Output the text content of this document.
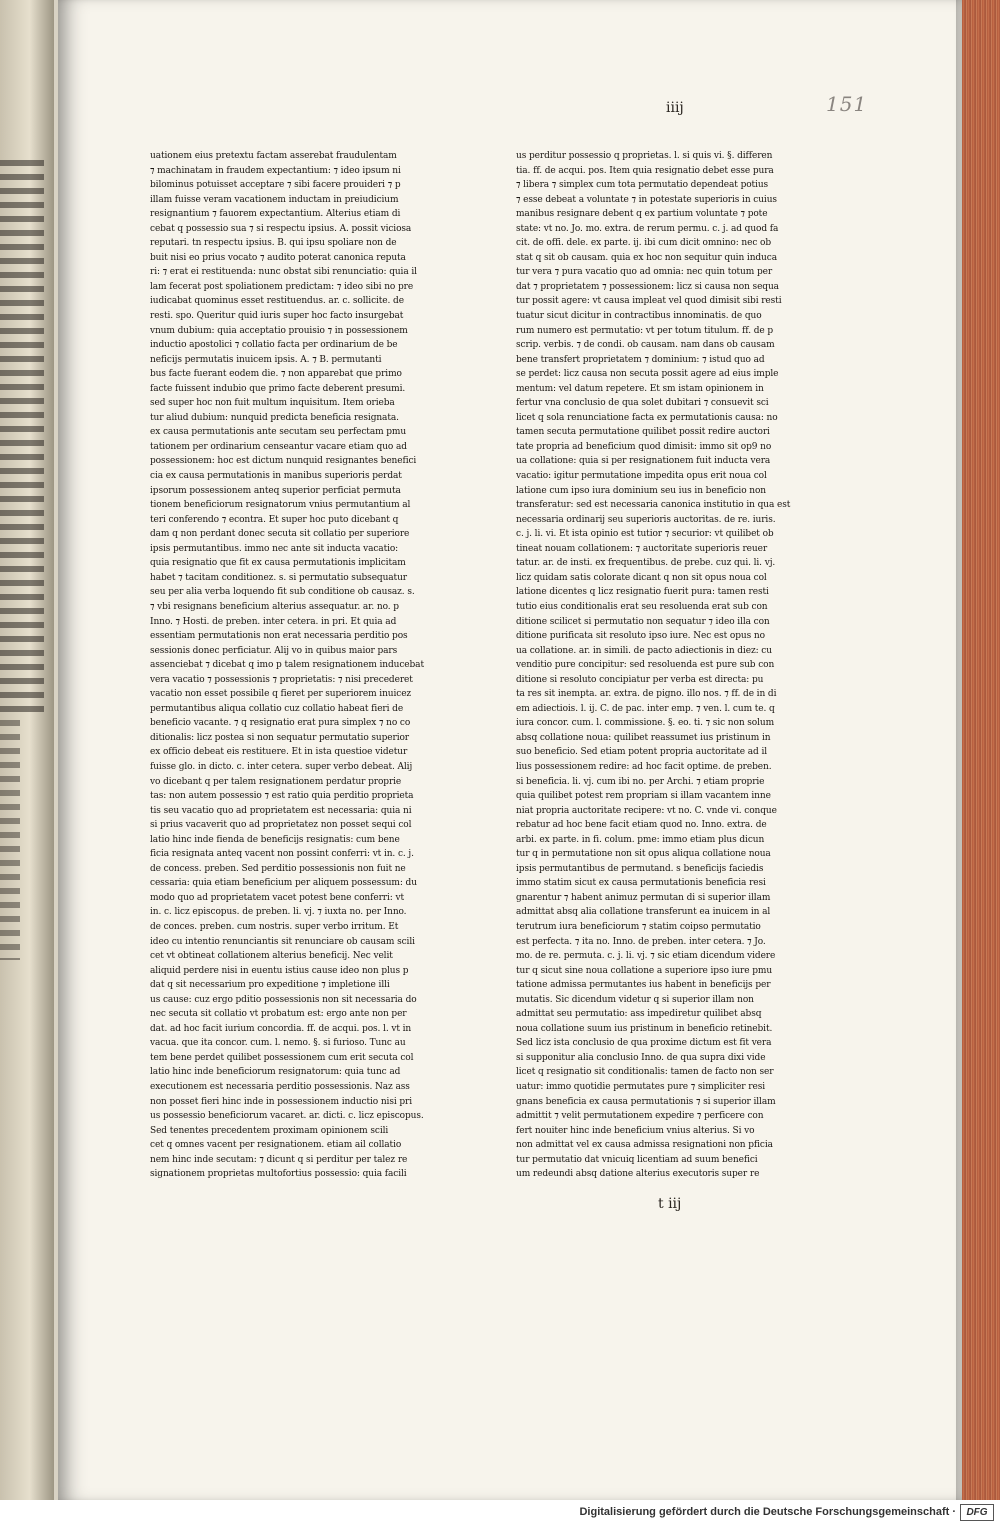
uationem eius pretextu factam asserebat fraudulentam
⁊ machinatam in fraudem expectantium: ⁊ ideo ipsum ni
bilominus potuisset acceptare ⁊ sibi facere prouideri ⁊ p
illam fuisse veram vacationem inductam in preiudicium
resignantium ⁊ fauorem expectantium. Alterius etiam di
cebat q possessio sua ⁊ si respectu ipsius. A. possit viciosa
reputari. tn respectu ipsius. B. qui ipsu spoliare non de
buit nisi eo prius vocato ⁊ audito poterat canonica reputa
ri: ⁊ erat ei restituenda: nunc obstat sibi renunciatio: quia il
lam fecerat post spoliationem predictam: ⁊ ideo sibi no pre
iudicabat quominus esset restituendus. ar. c. sollicite. de
resti. spo. Queritur quid iuris super hoc facto insurgebat
vnum dubium: quia acceptatio prouisio ⁊ in possessionem
inductio apostolici ⁊ collatio facta per ordinarium de be
neficijs permutatis inuicem ipsis. A. ⁊ B. permutanti
bus facte fuerant eodem die. ⁊ non apparebat que primo
facte fuissent indubio que primo facte deberent presumi.
sed super hoc non fuit multum inquisitum. Item orieba
tur aliud dubium: nunquid predicta beneficia resignata.
ex causa permutationis ante secutam seu perfectam pmu
tationem per ordinarium censeantur vacare etiam quo ad
possessionem: hoc est dictum nunquid resignantes benefici
cia ex causa permutationis in manibus superioris perdat
ipsorum possessionem anteq superior perficiat permuta
tionem beneficiorum resignatorum vnius permutantium al
teri conferendo ⁊ econtra. Et super hoc puto dicebant q
dam q non perdant donec secuta sit collatio per superiore
ipsis permutantibus. immo nec ante sit inducta vacatio:
quia resignatio que fit ex causa permutationis implicitam
habet ⁊ tacitam conditionez. s. si permutatio subsequatur
seu per alia verba loquendo fit sub conditione ob causaz. s.
⁊ vbi resignans beneficium alterius assequatur. ar. no. p
Inno. ⁊ Hosti. de preben. inter cetera. in pri. Et quia ad
essentiam permutationis non erat necessaria perditio pos
sessionis donec perficiatur. Alij vo in quibus maior pars
assenciebat ⁊ dicebat q imo p talem resignationem inducebat
vera vacatio ⁊ possessionis ⁊ proprietatis: ⁊ nisi precederet
vacatio non esset possibile q fieret per superiorem inuicez
permutantibus aliqua collatio cuz collatio habeat fieri de
beneficio vacante. ⁊ q resignatio erat pura simplex ⁊ no co
ditionalis: licz postea si non sequatur permutatio superior
ex officio debeat eis restituere. Et in ista questioe videtur
fuisse glo. in dicto. c. inter cetera. super verbo debeat. Alij
vo dicebant q per talem resignationem perdatur proprie
tas: non autem possessio ⁊ est ratio quia perditio proprieta
tis seu vacatio quo ad proprietatem est necessaria: quia ni
si prius vacaverit quo ad proprietatez non posset sequi col
latio hinc inde fienda de beneficijs resignatis: cum bene
ficia resignata anteq vacent non possint conferri: vt in. c. j.
de concess. preben. Sed perditio possessionis non fuit ne
cessaria: quia etiam beneficium per aliquem possessum: du
modo quo ad proprietatem vacet potest bene conferri: vt
in. c. licz episcopus. de preben. li. vj. ⁊ iuxta no. per Inno.
de conces. preben. cum nostris. super verbo irritum. Et
ideo cu intentio renunciantis sit renunciare ob causam scili
cet vt obtineat collationem alterius beneficij. Nec velit
aliquid perdere nisi in euentu istius cause ideo non plus p
dat q sit necessarium pro expeditione ⁊ impletione illi
us cause: cuz ergo pditio possessionis non sit necessaria do
nec secuta sit collatio vt probatum est: ergo ante non per
dat. ad hoc facit iurium concordia. ff. de acqui. pos. l. vt in
vacua. que ita concor. cum. l. nemo. §. si furioso. Tunc au
tem bene perdet quilibet possessionem cum erit secuta col
latio hinc inde beneficiorum resignatorum: quia tunc ad
executionem est necessaria perditio possessionis. Naz ass
non posset fieri hinc inde in possessionem inductio nisi pri
us possessio beneficiorum vacaret. ar. dicti. c. licz episcopus.
Sed tenentes precedentem proximam opinionem scili
cet q omnes vacent per resignationem. etiam ail collatio
nem hinc inde secutam: ⁊ dicunt q si perditur per talez re
signationem proprietas multofortius possessio: quia facili
us perditur possessio q proprietas. l. si quis vi. §. differen
tia. ff. de acqui. pos. Item quia resignatio debet esse pura
⁊ libera ⁊ simplex cum tota permutatio dependeat potius
⁊ esse debeat a voluntate ⁊ in potestate superioris in cuius
manibus resignare debent q ex partium voluntate ⁊ pote
state: vt no. Jo. mo. extra. de rerum permu. c. j. ad quod fa
cit. de offi. dele. ex parte. ij. ibi cum dicit omnino: nec ob
stat q sit ob causam. quia ex hoc non sequitur quin induca
tur vera ⁊ pura vacatio quo ad omnia: nec quin totum per
dat ⁊ proprietatem ⁊ possessionem: licz si causa non sequa
tur possit agere: vt causa impleat vel quod dimisit sibi resti
tuatur sicut dicitur in contractibus innominatis. de quo
rum numero est permutatio: vt per totum titulum. ff. de p
scrip. verbis. ⁊ de condi. ob causam. nam dans ob causam
bene transfert proprietatem ⁊ dominium: ⁊ istud quo ad
se perdet: licz causa non secuta possit agere ad eius imple
mentum: vel datum repetere. Et sm istam opinionem in
fertur vna conclusio de qua solet dubitari ⁊ consuevit sci
licet q sola renunciatione facta ex permutationis causa: no
tamen secuta permutatione quilibet possit redire auctori
tate propria ad beneficium quod dimisit: immo sit op9 no
ua collatione: quia si per resignationem fuit inducta vera
vacatio: igitur permutatione impedita opus erit noua col
latione cum ipso iura dominium seu ius in beneficio non
transferatur: sed est necessaria canonica institutio in qua est
necessaria ordinarij seu superioris auctoritas. de re. iuris.
c. j. li. vi. Et ista opinio est tutior ⁊ securior: vt quilibet ob
tineat nouam collationem: ⁊ auctoritate superioris reuer
tatur. ar. de insti. ex frequentibus. de prebe. cuz qui. li. vj.
licz quidam satis colorate dicant q non sit opus noua col
latione dicentes q licz resignatio fuerit pura: tamen resti
tutio eius conditionalis erat seu resoluenda erat sub con
ditione scilicet si permutatio non sequatur ⁊ ideo illa con
ditione purificata sit resoluto ipso iure. Nec est opus no
ua collatione. ar. in simili. de pacto adiectionis in diez: cu
venditio pure concipitur: sed resoluenda est pure sub con
ditione si resoluto concipiatur per verba est directa: pu
ta res sit inempta. ar. extra. de pigno. illo nos. ⁊ ff. de in di
em adiectiois. l. ij. C. de pac. inter emp. ⁊ ven. l. cum te. q
iura concor. cum. l. commissione. §. eo. ti. ⁊ sic non solum
absq collatione noua: quilibet reassumet ius pristinum in
suo beneficio. Sed etiam potent propria auctoritate ad il
lius possessionem redire: ad hoc facit optime. de preben.
si beneficia. li. vj. cum ibi no. per Archi. ⁊ etiam proprie
quia quilibet potest rem propriam si illam vacantem inne
niat propria auctoritate recipere: vt no. C. vnde vi. conque
rebatur ad hoc bene facit etiam quod no. Inno. extra. de
arbi. ex parte. in fi. colum. pme: immo etiam plus dicun
tur q in permutatione non sit opus aliqua collatione noua
ipsis permutantibus de permutand. s beneficijs faciedis
immo statim sicut ex causa permutationis beneficia resi
gnarentur ⁊ habent animuz permutan di si superior illam
admittat absq alia collatione transferunt ea inuicem in al
terutrum iura beneficiorum ⁊ statim coipso permutatio
est perfecta. ⁊ ita no. Inno. de preben. inter cetera. ⁊ Jo.
mo. de re. permuta. c. j. li. vj. ⁊ sic etiam dicendum videre
tur q sicut sine noua collatione a superiore ipso iure pmu
tatione admissa permutantes ius habent in beneficijs per
mutatis. Sic dicendum videtur q si superior illam non
admittat seu permutatio: ass impediretur quilibet absq
noua collatione suum ius pristinum in beneficio retinebit.
Sed licz ista conclusio de qua proxime dictum est fit vera
si supponitur alia conclusio Inno. de qua supra dixi vide
licet q resignatio sit conditionalis: tamen de facto non ser
uatur: immo quotidie permutates pure ⁊ simpliciter resi
gnans beneficia ex causa permutationis ⁊ si superior illam
admittit ⁊ velit permutationem expedire ⁊ perficere con
fert nouiter hinc inde beneficium vnius alterius. Si vo
non admittat vel ex causa admissa resignationi non pficia
tur permutatio dat vnicuiq licentiam ad suum benefici
um redeundi absq datione alterius executoris super re
iiij	151
t iij
Digitalisierung gefördert durch die Deutsche Forschungsgemeinschaft ·	DFG
